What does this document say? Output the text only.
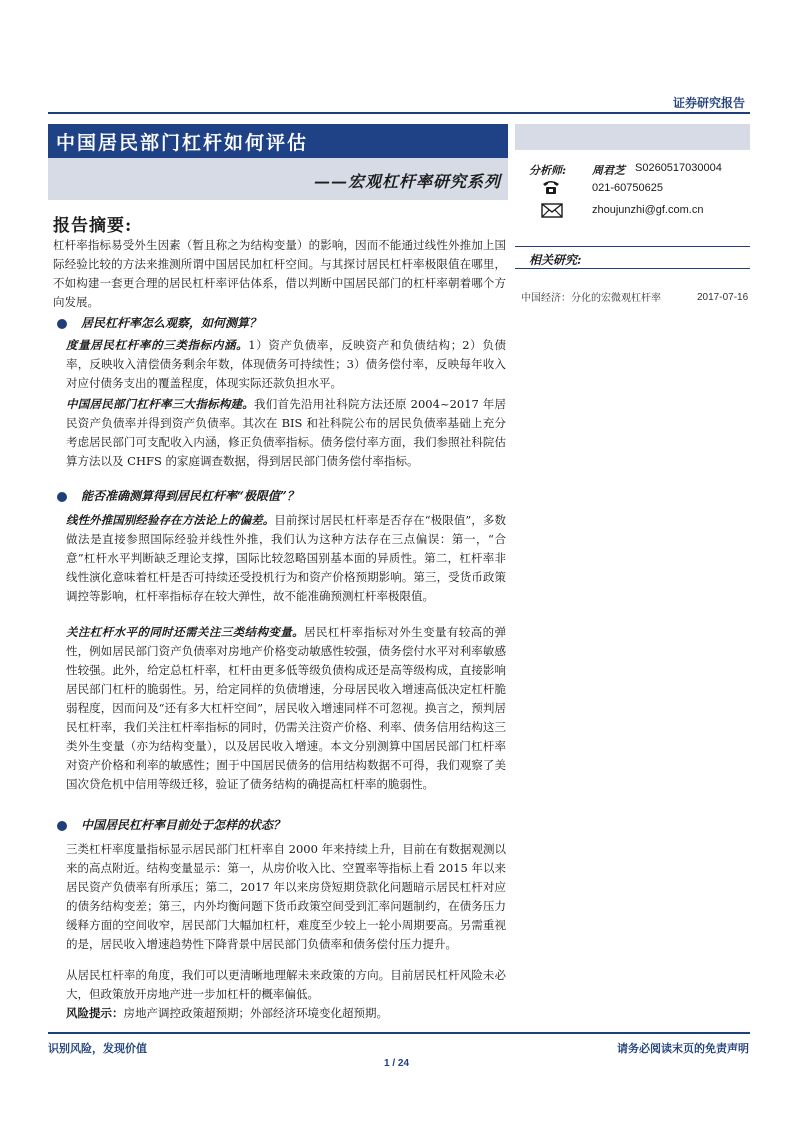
证券研究报告
中国居民部门杠杆如何评估
——宏观杠杆率研究系列
分析师: 周君芝 S0260517030004
021-60750625
zhoujunzhi@gf.com.cn
相关研究:
中国经济：分化的宏微观杠杆率	2017-07-16
报告摘要:
杠杆率指标易受外生因素（暂且称之为结构变量）的影响，因而不能通过线性外推加上国际经验比较的方法来推测所谓中国居民加杠杆空间。与其探讨居民杠杆率极限值在哪里，不如构建一套更合理的居民杠杆率评估体系，借以判断中国居民部门的杠杆率朝着哪个方向发展。
居民杠杆率怎么观察，如何测算？
度量居民杠杆率的三类指标内涵。1）资产负债率，反映资产和负债结构；2）负债率，反映收入清偿债务剩余年数，体现债务可持续性；3）债务偿付率，反映每年收入对应付债务支出的覆盖程度，体现实际还款负担水平。
中国居民部门杠杆率三大指标构建。我们首先沿用社科院方法还原 2004~2017 年居民资产负债率并得到资产负债率。其次在 BIS 和社科院公布的居民负债率基础上充分考虑居民部门可支配收入内涵，修正负债率指标。债务偿付率方面，我们参照社科院估算方法以及 CHFS 的家庭调查数据，得到居民部门债务偿付率指标。
能否准确测算得到居民杠杆率“极限值”？
线性外推国别经验存在方法论上的偏差。目前探讨居民杠杆率是否存在“极限值”，多数做法是直接参照国际经验并线性外推，我们认为这种方法存在三点偏误：第一，“合意”杠杆水平判断缺乏理论支撑，国际比较忽略国别基本面的异质性。第二，杠杆率非线性演化意味着杠杆是否可持续还受投机行为和资产价格预期影响。第三，受货币政策调控等影响，杠杆率指标存在较大弹性，故不能准确预测杠杆率极限值。
关注杠杆水平的同时还需关注三类结构变量。居民杠杆率指标对外生变量有较高的弹性，例如居民部门资产负债率对房地产价格变动敏感性较强，债务偿付水平对利率敏感性较强。此外，给定总杠杆率，杠杆由更多低等级负债构成还是高等级构成，直接影响居民部门杠杆的脆弱性。另，给定同样的负债增速，分母居民收入增速高低决定杠杆脆弱程度，因而问及“还有多大杠杆空间”，居民收入增速同样不可忽视。换言之，预判居民杠杆率，我们关注杠杆率指标的同时，仍需关注资产价格、利率、债务信用结构这三类外生变量（亦为结构变量），以及居民收入增速。本文分别测算中国居民部门杠杆率对资产价格和利率的敏感性；囿于中国居民债务的信用结构数据不可得，我们观察了美国次贷危机中信用等级迁移，验证了债务结构的确提高杠杆率的脆弱性。
中国居民杠杆率目前处于怎样的状态？
三类杠杆率度量指标显示居民部门杠杆率自 2000 年来持续上升，目前在有数据观测以来的高点附近。结构变量显示：第一，从房价收入比、空置率等指标上看 2015 年以来居民资产负债率有所承压；第二，2017 年以来房贷短期贷款化问题暗示居民杠杆对应的债务结构变差；第三，内外均衡问题下货币政策空间受到汇率问题制约，在债务压力缓释方面的空间收窄，居民部门大幅加杠杆，难度至少较上一轮小周期要高。另需重视的是，居民收入增速趋势性下降背景中居民部门负债率和债务偿付压力提升。
从居民杠杆率的角度，我们可以更清晰地理解未来政策的方向。目前居民杠杆风险未必大，但政策放开房地产进一步加杠杆的概率偏低。
风险提示：房地产调控政策超预期；外部经济环境变化超预期。
识别风险，发现价值	请务必阅读末页的免责声明
1 / 24
